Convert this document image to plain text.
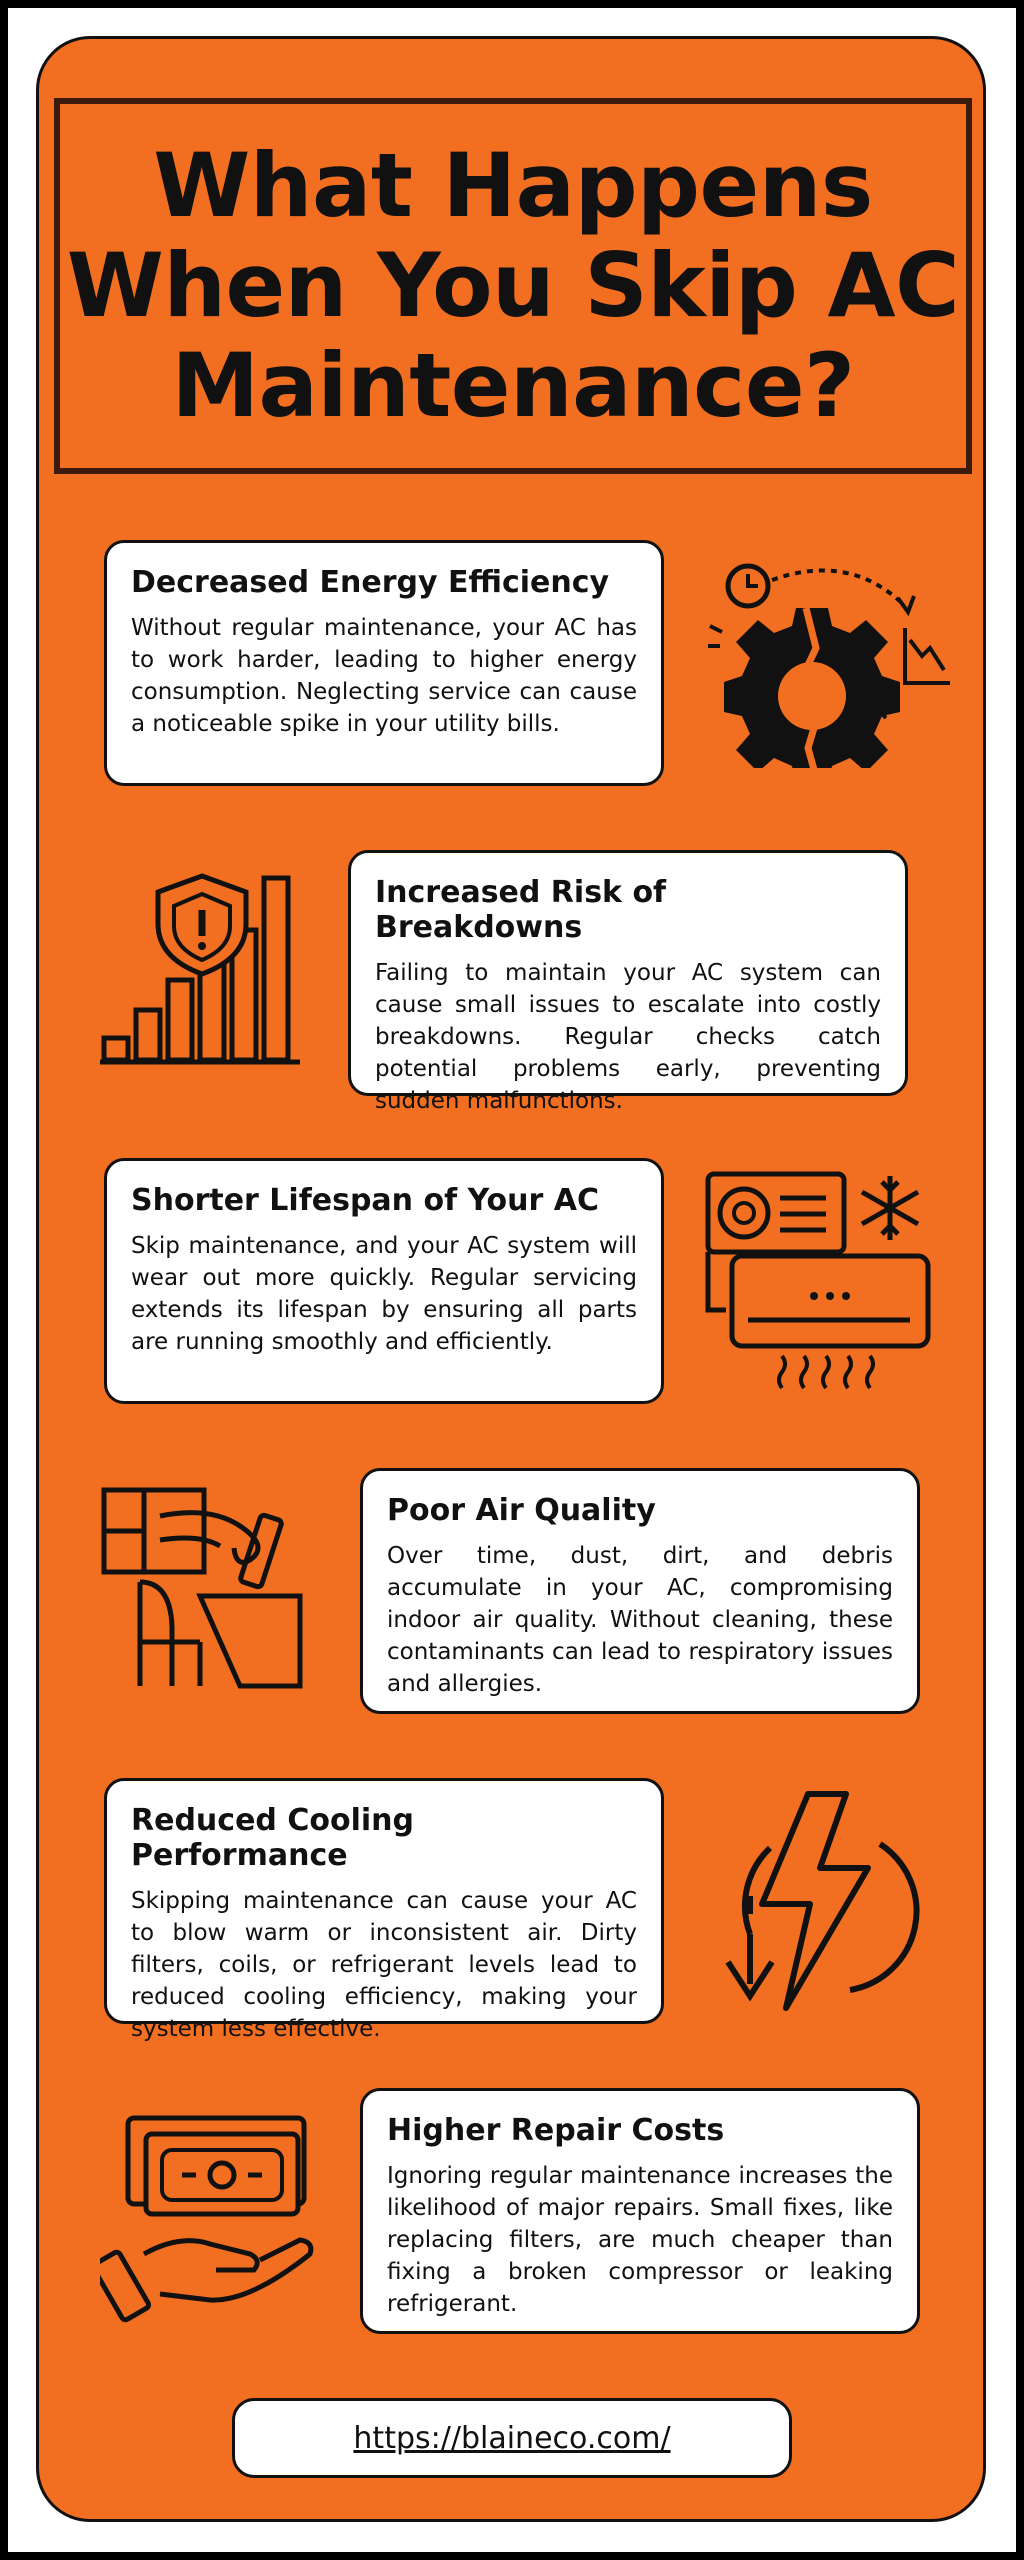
What Happens When You Skip AC Maintenance?
Decreased Energy Efficiency

Without regular maintenance, your AC has to work harder, leading to higher energy consumption. Neglecting service can cause a noticeable spike in your utility bills.

Increased Risk of Breakdowns

Failing to maintain your AC system can cause small issues to escalate into costly breakdowns. Regular checks catch potential problems early, preventing sudden malfunctions.

Shorter Lifespan of Your AC

Skip maintenance, and your AC system will wear out more quickly. Regular servicing extends its lifespan by ensuring all parts are running smoothly and efficiently.

Poor Air Quality

Over time, dust, dirt, and debris accumulate in your AC, compromising indoor air quality. Without cleaning, these contaminants can lead to respiratory issues and allergies.

Reduced Cooling Performance

Skipping maintenance can cause your AC to blow warm or inconsistent air. Dirty filters, coils, or refrigerant levels lead to reduced cooling efficiency, making your system less effective.

Higher Repair Costs

Ignoring regular maintenance increases the likelihood of major repairs. Small fixes, like replacing filters, are much cheaper than fixing a broken compressor or leaking refrigerant.

https://blaineco.com/
